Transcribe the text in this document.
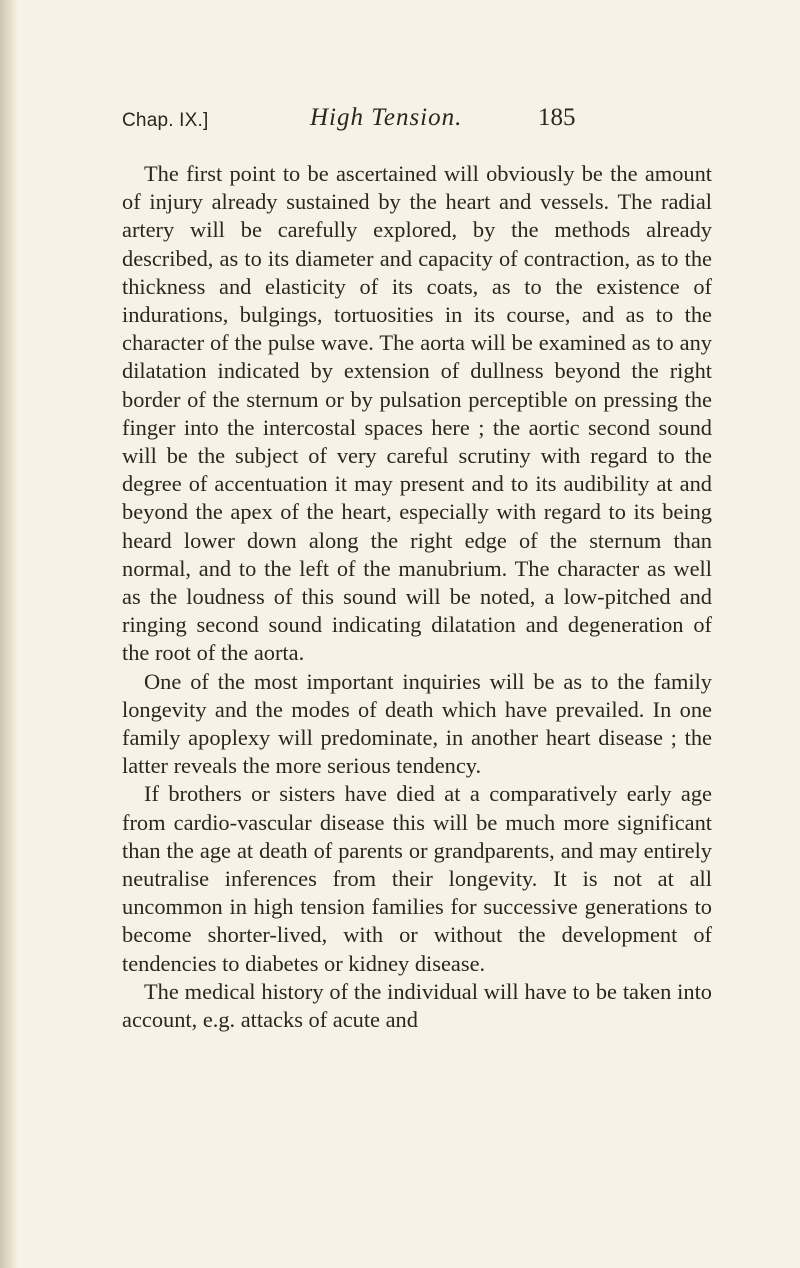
Chap. IX.]	High Tension.	185

The first point to be ascertained will obviously be the amount of injury already sustained by the heart and vessels. The radial artery will be carefully explored, by the methods already described, as to its diameter and capacity of contraction, as to the thickness and elasticity of its coats, as to the existence of indurations, bulgings, tortuosities in its course, and as to the character of the pulse wave. The aorta will be examined as to any dilatation indicated by extension of dullness beyond the right border of the sternum or by pulsation perceptible on pressing the finger into the intercostal spaces here ; the aortic second sound will be the subject of very careful scrutiny with regard to the degree of accentuation it may present and to its audibility at and beyond the apex of the heart, especially with regard to its being heard lower down along the right edge of the sternum than normal, and to the left of the manubrium. The character as well as the loudness of this sound will be noted, a low-pitched and ringing second sound indicating dilatation and degeneration of the root of the aorta.

One of the most important inquiries will be as to the family longevity and the modes of death which have prevailed. In one family apoplexy will predominate, in another heart disease ; the latter reveals the more serious tendency.

If brothers or sisters have died at a comparatively early age from cardio-vascular disease this will be much more significant than the age at death of parents or grandparents, and may entirely neutralise inferences from their longevity. It is not at all uncommon in high tension families for successive generations to become shorter-lived, with or without the development of tendencies to diabetes or kidney disease.

The medical history of the individual will have to be taken into account, e.g. attacks of acute and
